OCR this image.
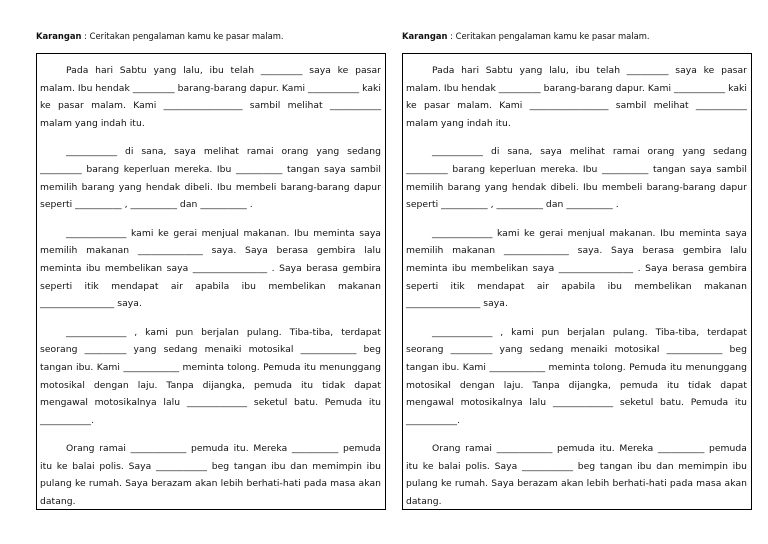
Karangan : Ceritakan pengalaman kamu ke pasar malam.

Pada hari Sabtu yang lalu, ibu telah _________ saya ke pasar malam. Ibu hendak _________ barang-barang dapur. Kami ___________ kaki ke pasar malam. Kami _________________ sambil melihat ___________ malam yang indah itu.

___________ di sana, saya melihat ramai orang yang sedang _________ barang keperluan mereka. Ibu __________ tangan saya sambil memilih barang yang hendak dibeli. Ibu membeli barang-barang dapur seperti __________ , __________ dan __________ .

_____________ kami ke gerai menjual makanan. Ibu meminta saya memilih makanan ______________ saya. Saya berasa gembira lalu meminta ibu membelikan saya ________________ . Saya berasa gembira seperti itik mendapat air apabila ibu membelikan makanan ________________ saya.

_____________ , kami pun berjalan pulang. Tiba-tiba, terdapat seorang _________ yang sedang menaiki motosikal ____________ beg tangan ibu. Kami ____________ meminta tolong. Pemuda itu menunggang motosikal dengan laju. Tanpa dijangka, pemuda itu tidak dapat mengawal motosikalnya lalu _____________ seketul batu. Pemuda itu ___________.

Orang ramai ____________ pemuda itu. Mereka __________ pemuda itu ke balai polis. Saya ___________ beg tangan ibu dan memimpin ibu pulang ke rumah. Saya berazam akan lebih berhati-hati pada masa akan datang.

Karangan : Ceritakan pengalaman kamu ke pasar malam.

Pada hari Sabtu yang lalu, ibu telah _________ saya ke pasar malam. Ibu hendak _________ barang-barang dapur. Kami ___________ kaki ke pasar malam. Kami _________________ sambil melihat ___________ malam yang indah itu.

___________ di sana, saya melihat ramai orang yang sedang _________ barang keperluan mereka. Ibu __________ tangan saya sambil memilih barang yang hendak dibeli. Ibu membeli barang-barang dapur seperti __________ , __________ dan __________ .

_____________ kami ke gerai menjual makanan. Ibu meminta saya memilih makanan ______________ saya. Saya berasa gembira lalu meminta ibu membelikan saya ________________ . Saya berasa gembira seperti itik mendapat air apabila ibu membelikan makanan ________________ saya.

_____________ , kami pun berjalan pulang. Tiba-tiba, terdapat seorang _________ yang sedang menaiki motosikal ____________ beg tangan ibu. Kami ____________ meminta tolong. Pemuda itu menunggang motosikal dengan laju. Tanpa dijangka, pemuda itu tidak dapat mengawal motosikalnya lalu _____________ seketul batu. Pemuda itu ___________.

Orang ramai ____________ pemuda itu. Mereka __________ pemuda itu ke balai polis. Saya ___________ beg tangan ibu dan memimpin ibu pulang ke rumah. Saya berazam akan lebih berhati-hati pada masa akan datang.
